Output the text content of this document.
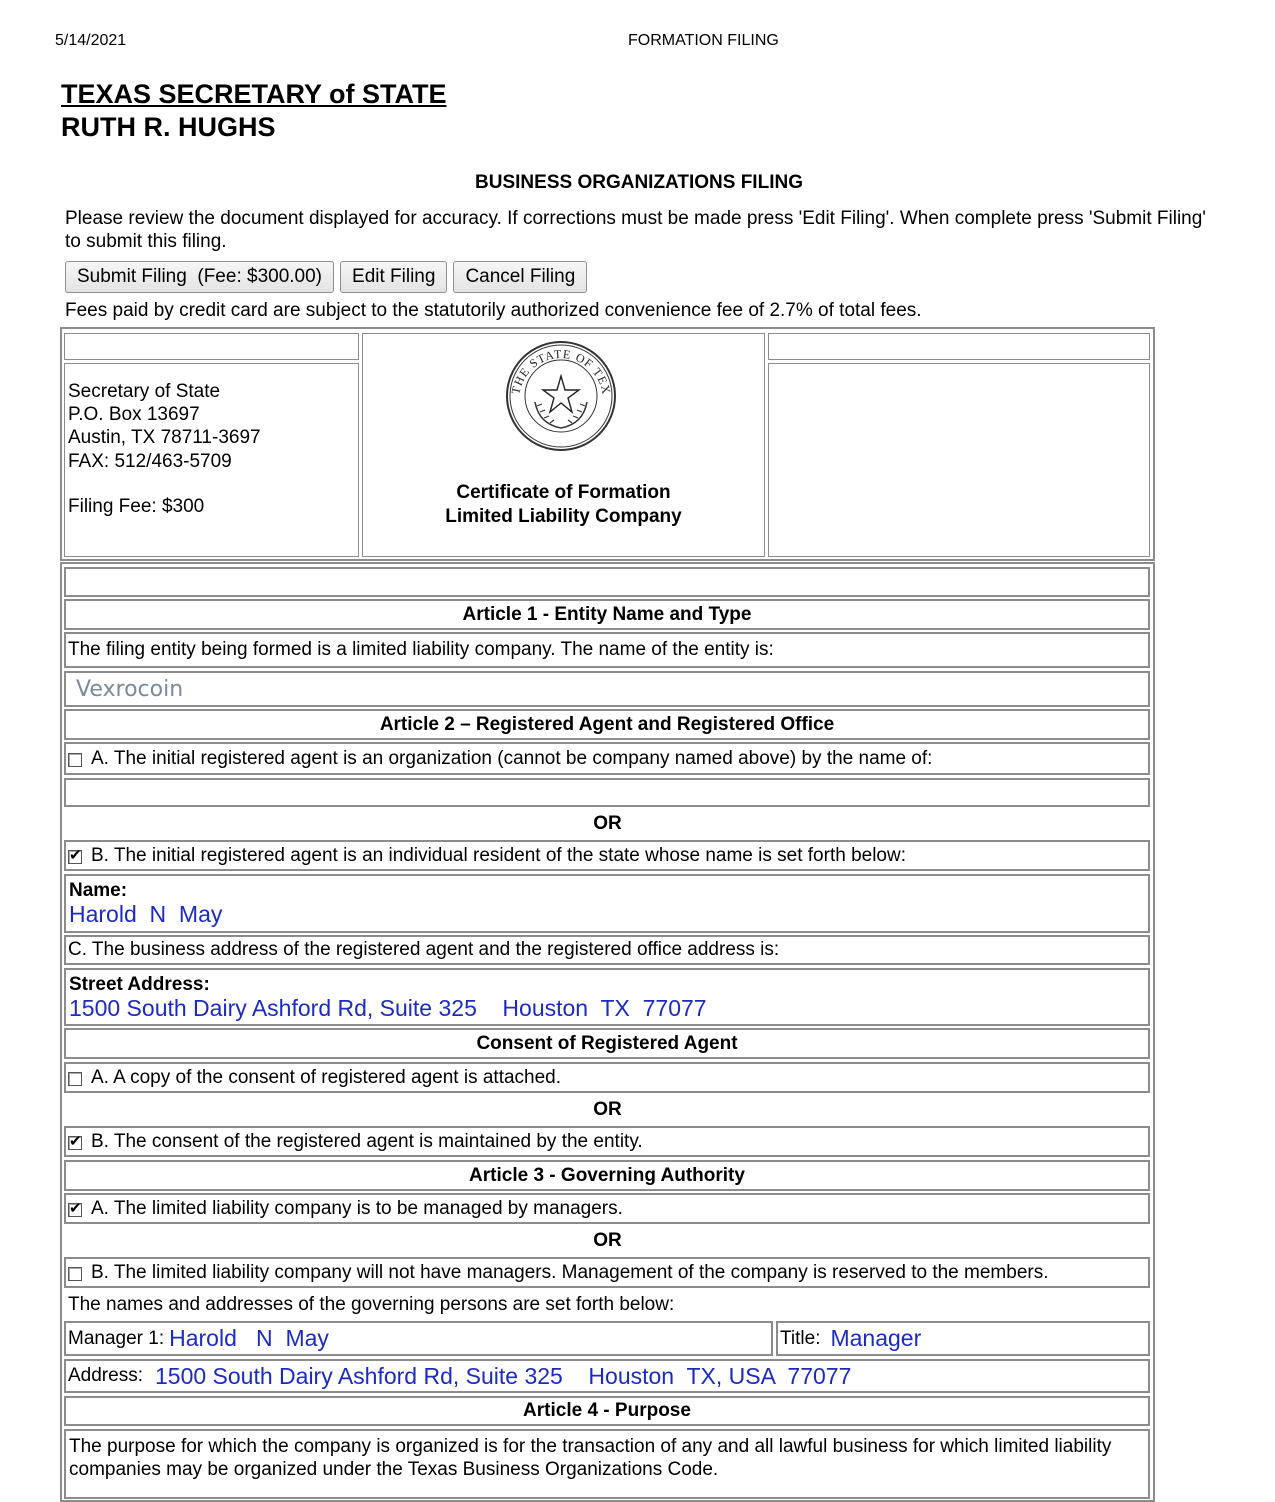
5/14/2021	FORMATION FILING
TEXAS SECRETARY of STATE
RUTH R. HUGHS
BUSINESS ORGANIZATIONS FILING
Please review the document displayed for accuracy. If corrections must be made press 'Edit Filing'. When complete press 'Submit Filing' to submit this filing.
Submit Filing  (Fee: $300.00)	Edit Filing	Cancel Filing
Fees paid by credit card are subject to the statutorily authorized convenience fee of 2.7% of total fees.
Secretary of State
P.O. Box 13697
Austin, TX 78711-3697
FAX: 512/463-5709
Filing Fee: $300
THE STATE OF TEX
Certificate of Formation
Limited Liability Company
Article 1 - Entity Name and Type
The filing entity being formed is a limited liability company. The name of the entity is:
Vexrocoin
Article 2 – Registered Agent and Registered Office
A. The initial registered agent is an organization (cannot be company named above) by the name of:
OR
✔
B. The initial registered agent is an individual resident of the state whose name is set forth below:
Name:
Harold  N  May
C. The business address of the registered agent and the registered office address is:
Street Address:
1500 South Dairy Ashford Rd, Suite 325    Houston  TX  77077
Consent of Registered Agent
A. A copy of the consent of registered agent is attached.
OR
✔
B. The consent of the registered agent is maintained by the entity.
Article 3 - Governing Authority
✔
A. The limited liability company is to be managed by managers.
OR
B. The limited liability company will not have managers. Management of the company is reserved to the members.
The names and addresses of the governing persons are set forth below:
Manager 1: Harold   N  May	Title: Manager
Address: 1500 South Dairy Ashford Rd, Suite 325    Houston  TX, USA  77077
Article 4 - Purpose
The purpose for which the company is organized is for the transaction of any and all lawful business for which limited liability companies may be organized under the Texas Business Organizations Code.
